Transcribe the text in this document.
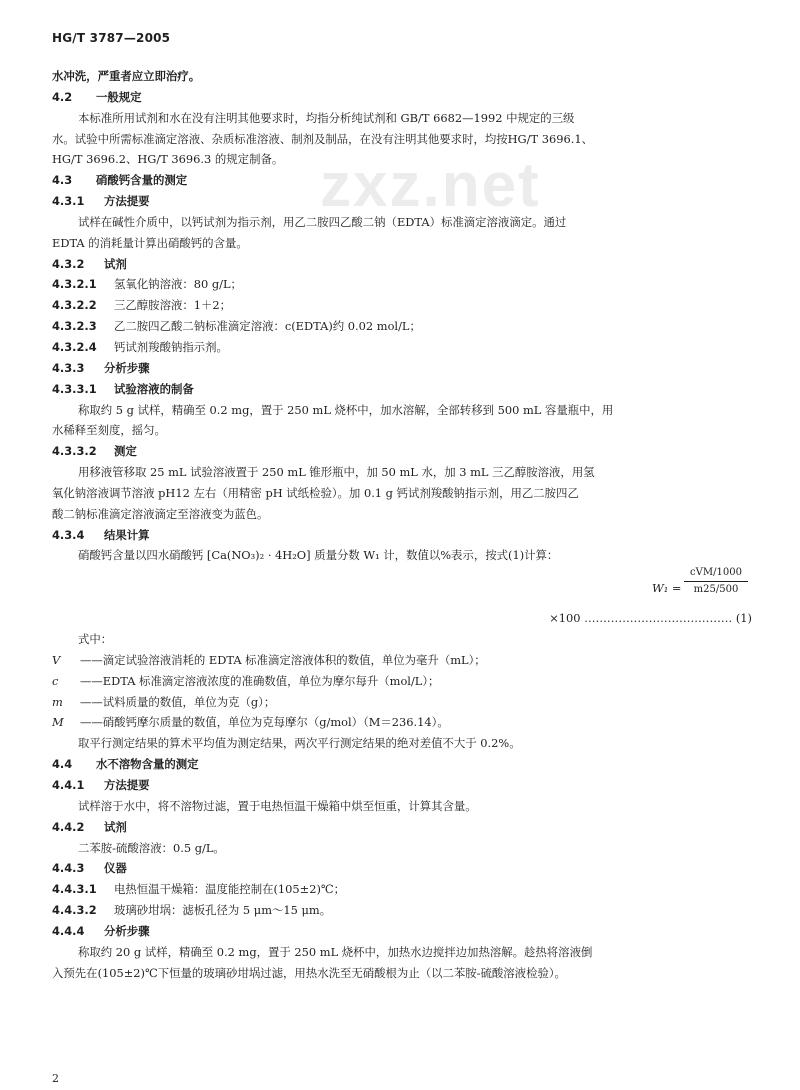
HG/T 3787—2005
zxz.net
水冲洗，严重者应立即治疗。
4.2 一般规定
本标准所用试剂和水在没有注明其他要求时，均指分析纯试剂和 GB/T 6682—1992 中规定的三级
水。试验中所需标准滴定溶液、杂质标准溶液、制剂及制品，在没有注明其他要求时，均按HG/T 3696.1、
HG/T 3696.2、HG/T 3696.3 的规定制备。
4.3 硝酸钙含量的测定
4.3.1 方法提要
试样在碱性介质中，以钙试剂为指示剂，用乙二胺四乙酸二钠（EDTA）标准滴定溶液滴定。通过
EDTA 的消耗量计算出硝酸钙的含量。
4.3.2 试剂
4.3.2.1 氢氧化钠溶液：80 g/L；
4.3.2.2 三乙醇胺溶液：1＋2；
4.3.2.3 乙二胺四乙酸二钠标准滴定溶液：c(EDTA)约 0.02 mol/L；
4.3.2.4 钙试剂羧酸钠指示剂。
4.3.3 分析步骤
4.3.3.1 试验溶液的制备
称取约 5 g 试样，精确至 0.2 mg，置于 250 mL 烧杯中，加水溶解，全部转移到 500 mL 容量瓶中，用
水稀释至刻度，摇匀。
4.3.3.2 测定
用移液管移取 25 mL 试验溶液置于 250 mL 锥形瓶中，加 50 mL 水，加 3 mL 三乙醇胺溶液，用氢
氧化钠溶液调节溶液 pH12 左右（用精密 pH 试纸检验）。加 0.1 g 钙试剂羧酸钠指示剂，用乙二胺四乙
酸二钠标准滴定溶液滴定至溶液变为蓝色。
4.3.4 结果计算
硝酸钙含量以四水硝酸钙 [Ca(NO₃)₂ · 4H₂O] 质量分数 W₁ 计，数值以%表示，按式(1)计算：
W₁ =
cVM/1000
m25/500
×100 ………………………………… (1)
式中：
V ——滴定试验溶液消耗的 EDTA 标准滴定溶液体积的数值，单位为毫升（mL）；
c ——EDTA 标准滴定溶液浓度的准确数值，单位为摩尔每升（mol/L）；
m ——试料质量的数值，单位为克（g）；
M ——硝酸钙摩尔质量的数值，单位为克每摩尔（g/mol）（M＝236.14）。
取平行测定结果的算术平均值为测定结果，两次平行测定结果的绝对差值不大于 0.2%。
4.4 水不溶物含量的测定
4.4.1 方法提要
试样溶于水中，将不溶物过滤，置于电热恒温干燥箱中烘至恒重，计算其含量。
4.4.2 试剂
二苯胺-硫酸溶液：0.5 g/L。
4.4.3 仪器
4.4.3.1 电热恒温干燥箱：温度能控制在(105±2)℃；
4.4.3.2 玻璃砂坩埚：滤板孔径为 5 μm～15 μm。
4.4.4 分析步骤
称取约 20 g 试样，精确至 0.2 mg，置于 250 mL 烧杯中，加热水边搅拌边加热溶解。趁热将溶液倒
入预先在(105±2)℃下恒量的玻璃砂坩埚过滤，用热水洗至无硝酸根为止（以二苯胺-硫酸溶液检验）。
2
